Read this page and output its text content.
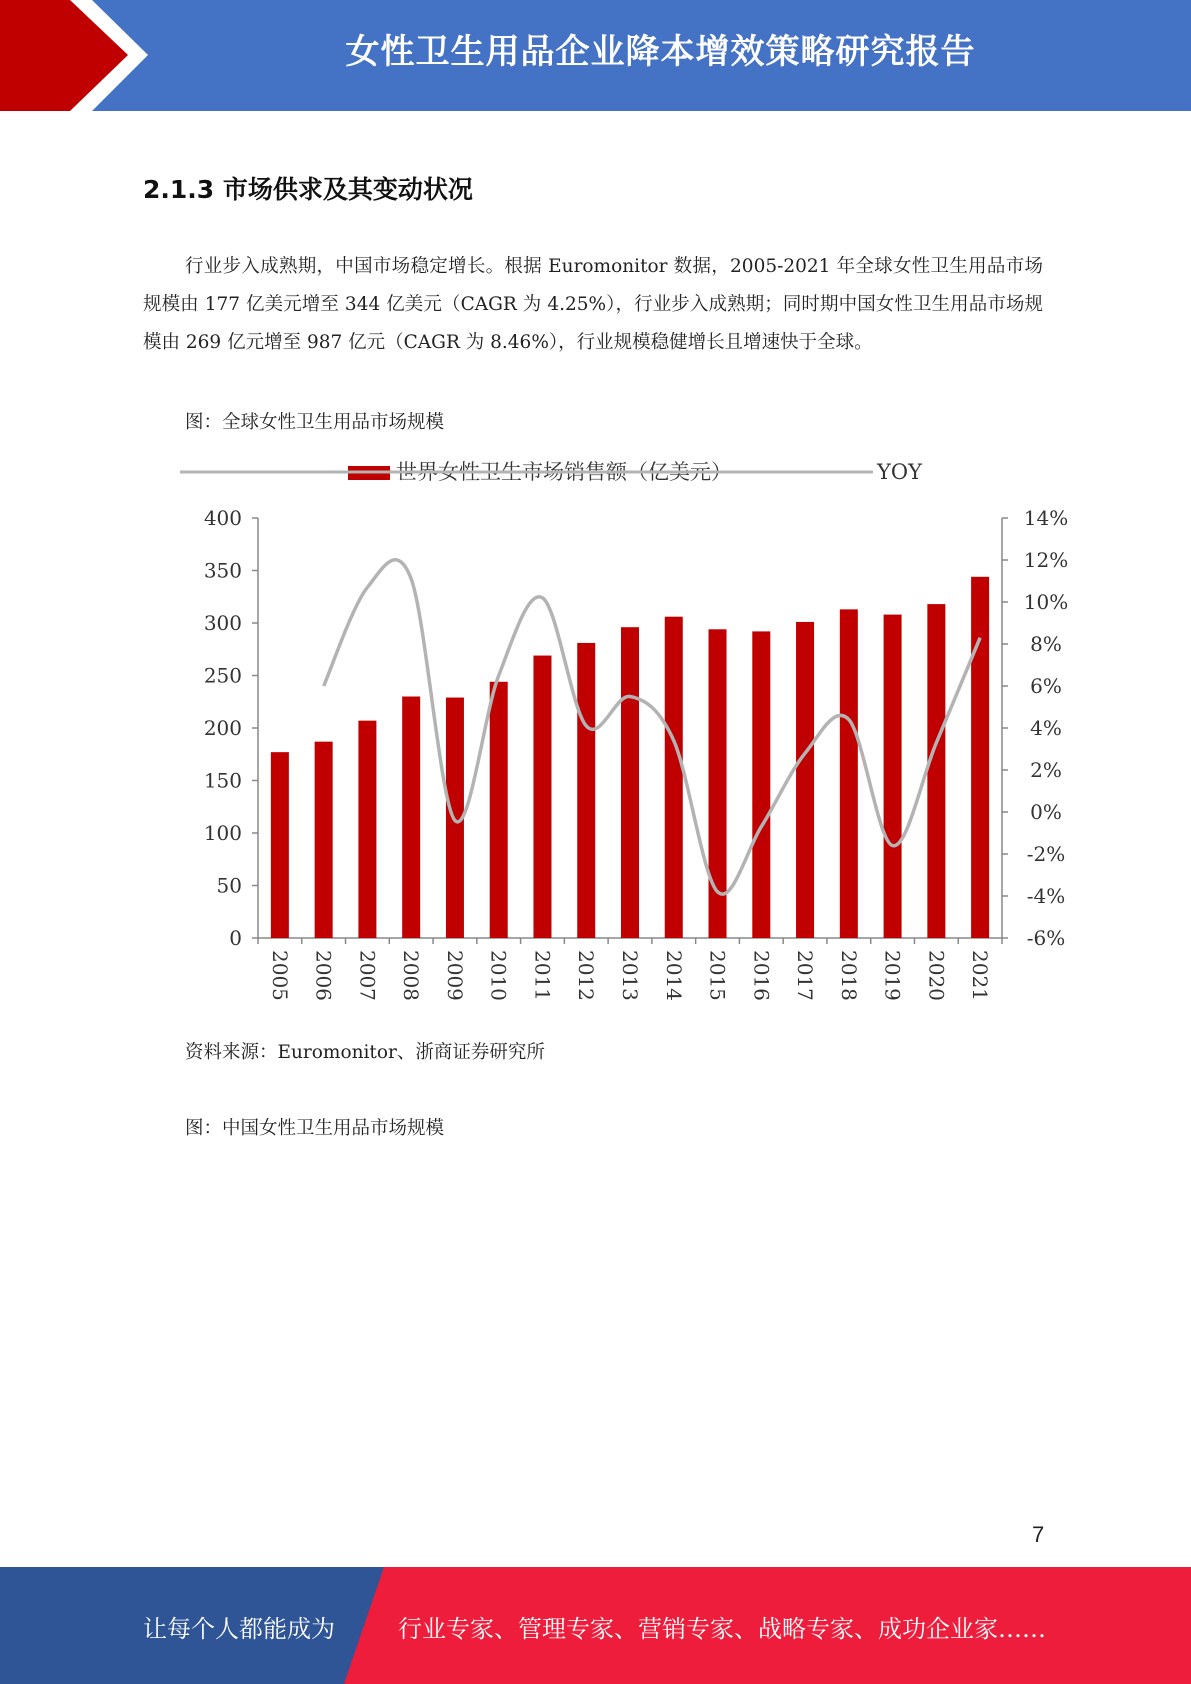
女性卫生用品企业降本增效策略研究报告
2.1.3 市场供求及其变动状况
行业步入成熟期，中国市场稳定增长。根据 Euromonitor 数据，2005-2021 年全球女性卫生用品市场规模由 177 亿美元增至 344 亿美元（CAGR 为 4.25%），行业步入成熟期；同时期中国女性卫生用品市场规模由 269 亿元增至 987 亿元（CAGR 为 8.46%），行业规模稳健增长且增速快于全球。
图：全球女性卫生用品市场规模
世界女性卫生市场销售额（亿美元）	YOY
0
50
100
150
200
250
300
350
400
-6%
-4%
-2%
0%
2%
4%
6%
8%
10%
12%
14%
2005 2006 2007 2008 2009 2010 2011 2012 2013 2014 2015 2016 2017 2018 2019 2020 2021
资料来源：Euromonitor、浙商证券研究所
图：中国女性卫生用品市场规模
7
让每个人都能成为	行业专家、管理专家、营销专家、战略专家、成功企业家……
